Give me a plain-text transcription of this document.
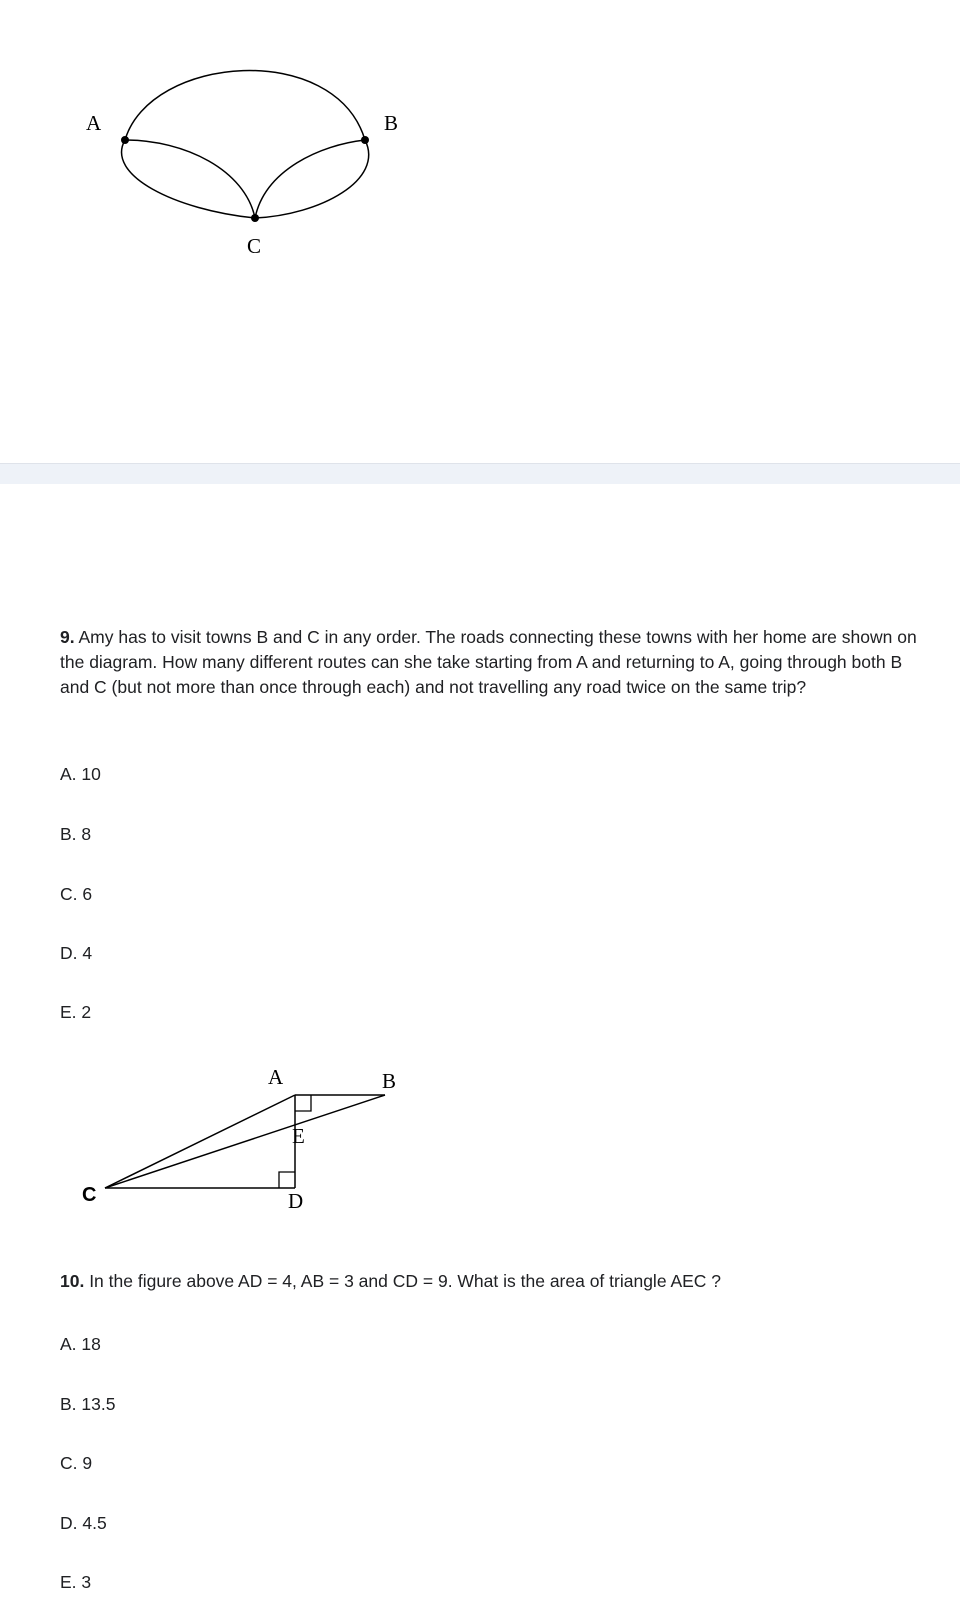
A	B
C
9. Amy has to visit towns B and C in any order. The roads connecting these towns with her home are shown on the diagram. How many different routes can she take starting from A and returning to A, going through both B and C (but not more than once through each) and not travelling any road twice on the same trip?
A. 10
B. 8
C. 6
D. 4
E. 2
A	B
C	D
E
10. In the figure above AD = 4, AB = 3 and CD = 9. What is the area of triangle AEC ?
A. 18
B. 13.5
C. 9
D. 4.5
E. 3
